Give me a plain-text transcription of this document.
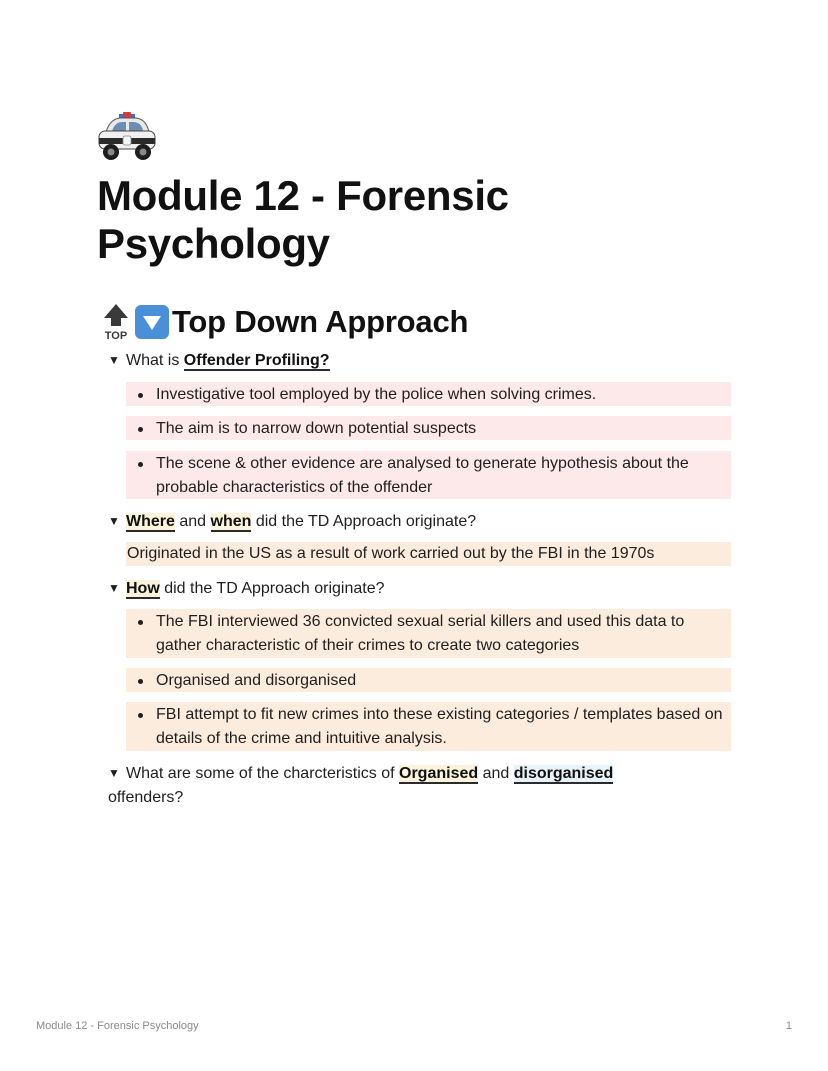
Module 12 - Forensic Psychology
TOP Top Down Approach
▼ What is Offender Profiling?
Investigative tool employed by the police when solving crimes.
The aim is to narrow down potential suspects
The scene & other evidence are analysed to generate hypothesis about the probable characteristics of the offender
▼ Where and when did the TD Approach originate?
Originated in the US as a result of work carried out by the FBI in the 1970s
▼ How did the TD Approach originate?
The FBI interviewed 36 convicted sexual serial killers and used this data to gather characteristic of their crimes to create two categories
Organised and disorganised
FBI attempt to fit new crimes into these existing categories / templates based on details of the crime and intuitive analysis.
▼ What are some of the charcteristics of Organised and disorganised offenders?
Module 12 - Forensic Psychology	1
